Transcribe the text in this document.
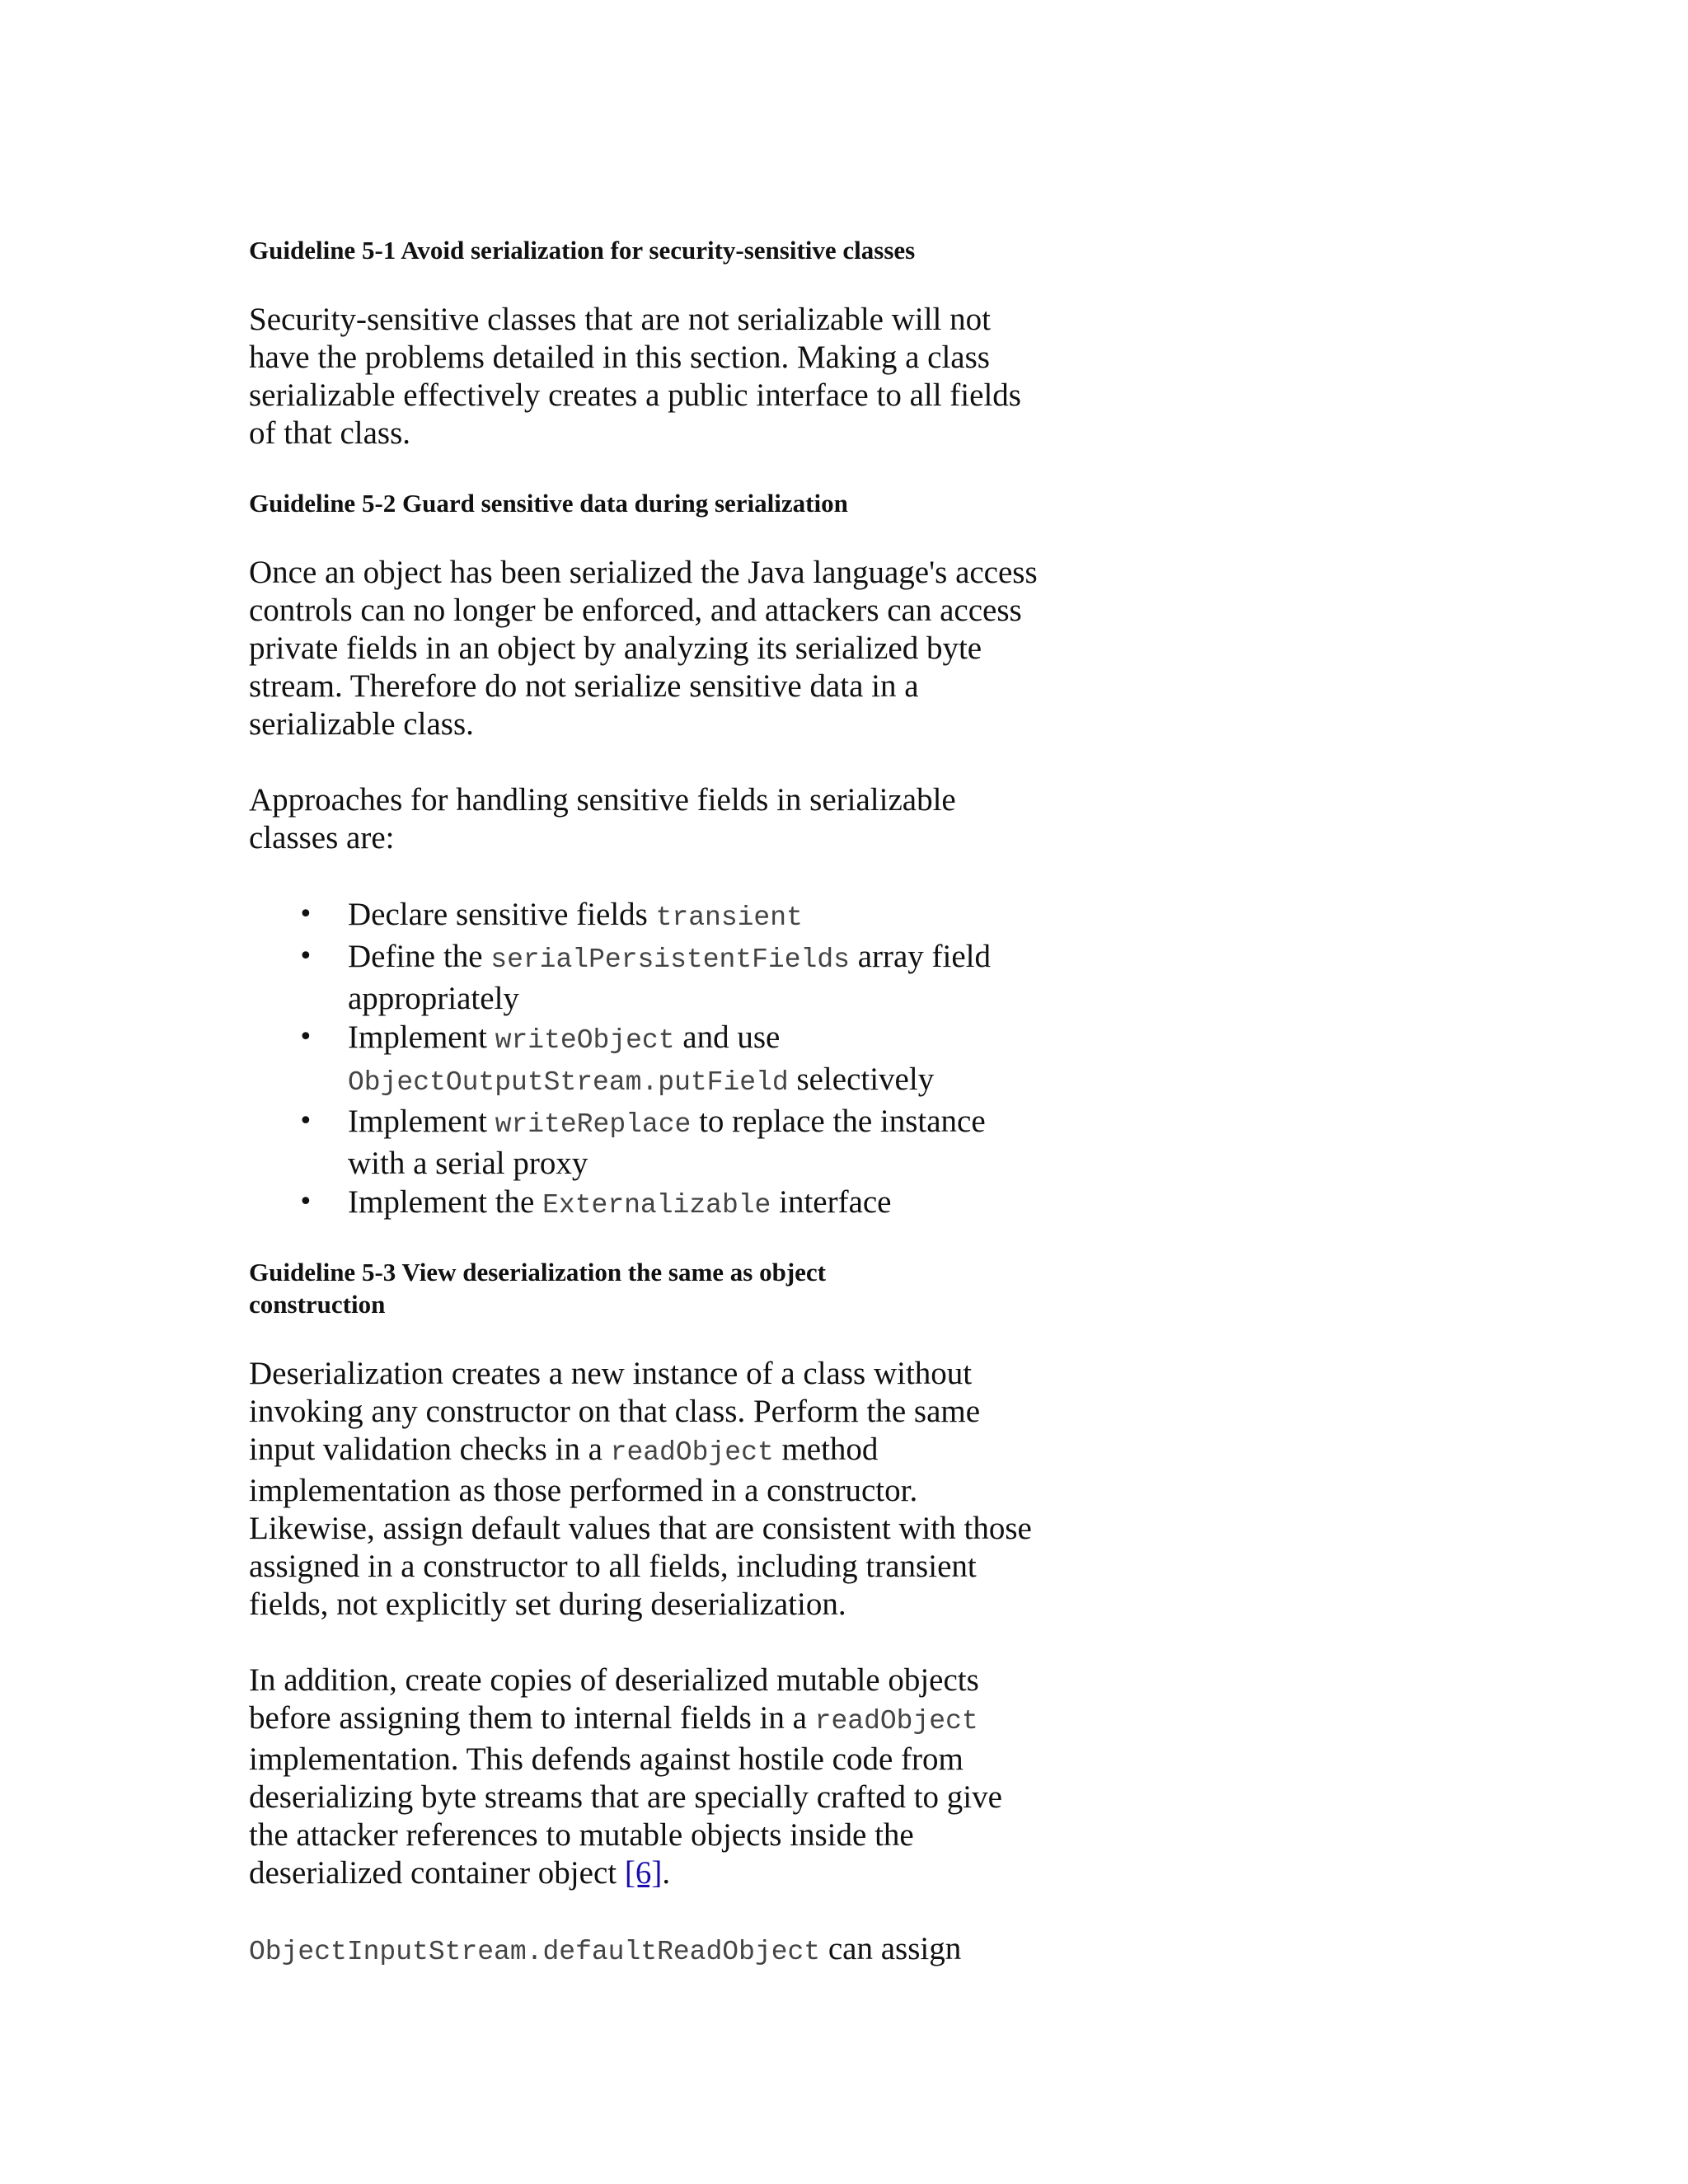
Guideline 5-1 Avoid serialization for security-sensitive classes

Security-sensitive classes that are not serializable will not have the problems detailed in this section. Making a class serializable effectively creates a public interface to all fields of that class.

Guideline 5-2 Guard sensitive data during serialization

Once an object has been serialized the Java language's access controls can no longer be enforced, and attackers can access private fields in an object by analyzing its serialized byte stream. Therefore do not serialize sensitive data in a serializable class.

Approaches for handling sensitive fields in serializable classes are:

• Declare sensitive fields transient
• Define the serialPersistentFields array field appropriately
• Implement writeObject and use
ObjectOutputStream.putField selectively
• Implement writeReplace to replace the instance with a serial proxy
• Implement the Externalizable interface

Guideline 5-3 View deserialization the same as object construction

Deserialization creates a new instance of a class without invoking any constructor on that class. Perform the same input validation checks in a readObject method implementation as those performed in a constructor. Likewise, assign default values that are consistent with those assigned in a constructor to all fields, including transient fields, not explicitly set during deserialization.

In addition, create copies of deserialized mutable objects before assigning them to internal fields in a readObject implementation. This defends against hostile code from deserializing byte streams that are specially crafted to give the attacker references to mutable objects inside the deserialized container object [6].

ObjectInputStream.defaultReadObject can assign
